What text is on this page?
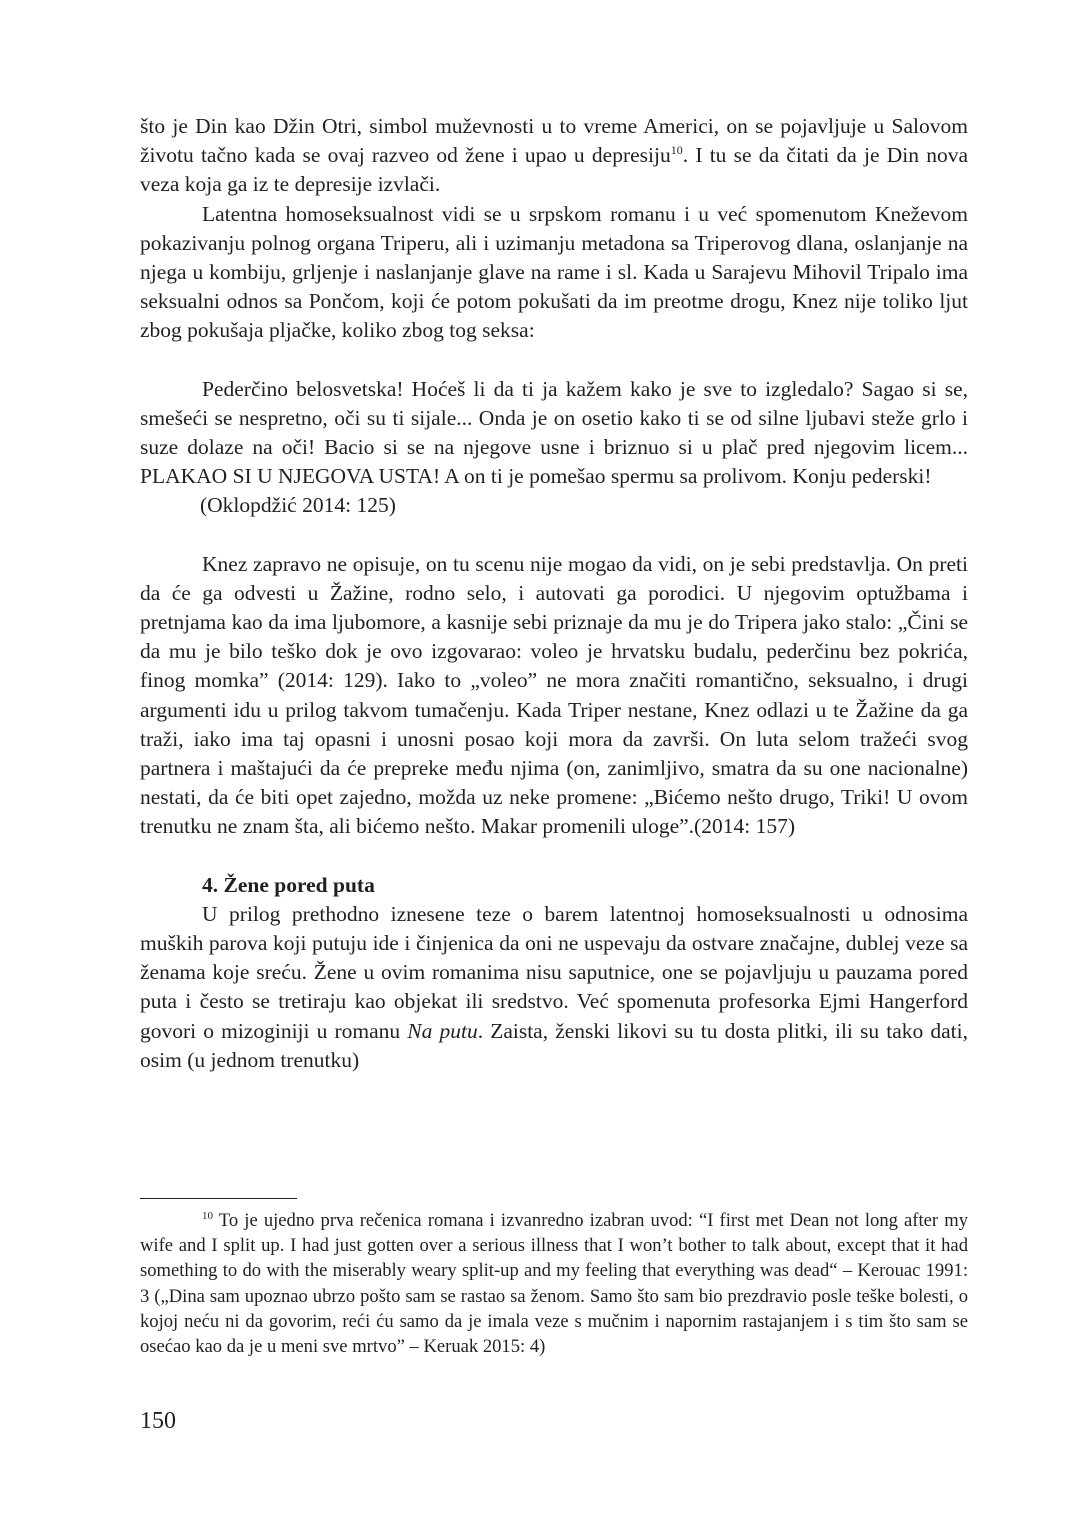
što je Din kao Džin Otri, simbol muževnosti u to vreme Americi, on se pojavljuje u Salovom životu tačno kada se ovaj razveo od žene i upao u depresiju$^{10}$. I tu se da čitati da je Din nova veza koja ga iz te depresije izvlači.

Latentna homoseksualnost vidi se u srpskom romanu i u već spomenutom Kneževom pokazivanju polnog organa Triperu, ali i uzimanju metadona sa Triperovog dlana, oslanjanje na njega u kombiju, grljenje i naslanjanje glave na rame i sl. Kada u Sarajevu Mihovil Tripalo ima seksualni odnos sa Pončom, koji će potom pokušati da im preotme drogu, Knez nije toliko ljut zbog pokušaja pljačke, koliko zbog tog seksa:

Pederčino belosvetska! Hoćeš li da ti ja kažem kako je sve to izgledalo? Sagao si se, smešeći se nespretno, oči su ti sijale... Onda je on osetio kako ti se od silne ljubavi steže grlo i suze dolaze na oči! Bacio si se na njegove usne i briznuo si u plač pred njegovim licem... PLAKAO SI U NJEGOVA USTA! A on ti je pomešao spermu sa prolivom. Konju pederski!

(Oklopdžić 2014: 125)

Knez zapravo ne opisuje, on tu scenu nije mogao da vidi, on je sebi predstavlja. On preti da će ga odvesti u Žažine, rodno selo, i autovati ga porodici. U njegovim optužbama i pretnjama kao da ima ljubomore, a kasnije sebi priznaje da mu je do Tripera jako stalo: „Čini se da mu je bilo teško dok je ovo izgovarao: voleo je hrvatsku budalu, pederčinu bez pokrića, finog momka” (2014: 129). Iako to „voleo” ne mora značiti romantično, seksualno, i drugi argumenti idu u prilog takvom tumačenju. Kada Triper nestane, Knez odlazi u te Žažine da ga traži, iako ima taj opasni i unosni posao koji mora da završi. On luta selom tražeći svog partnera i maštajući da će prepreke među njima (on, zanimljivo, smatra da su one nacionalne) nestati, da će biti opet zajedno, možda uz neke promene: „Bićemo nešto drugo, Triki! U ovom trenutku ne znam šta, ali bićemo nešto. Makar promenili uloge”.(2014: 157)

4. Žene pored puta

U prilog prethodno iznesene teze o barem latentnoj homoseksualnosti u odnosima muških parova koji putuju ide i činjenica da oni ne uspevaju da ostvare značajne, dublej veze sa ženama koje sreću. Žene u ovim romanima nisu saputnice, one se pojavljuju u pauzama pored puta i često se tretiraju kao objekat ili sredstvo. Već spomenuta profesorka Ejmi Hangerford govori o mizoginiji u romanu Na putu. Zaista, ženski likovi su tu dosta plitki, ili su tako dati, osim (u jednom trenutku)

$^{10}$ To je ujedno prva rečenica romana i izvanredno izabran uvod: “I first met Dean not long after my wife and I split up. I had just gotten over a serious illness that I won’t bother to talk about, except that it had something to do with the miserably weary split-up and my feeling that everything was dead“ – Kerouac 1991: 3 („Dina sam upoznao ubrzo pošto sam se rastao sa ženom. Samo što sam bio prezdravio posle teške bolesti, o kojoj neću ni da govorim, reći ću samo da je imala veze s mučnim i napornim rastajanjem i s tim što sam se osećao kao da je u meni sve mrtvo” – Keruak 2015: 4)

150
